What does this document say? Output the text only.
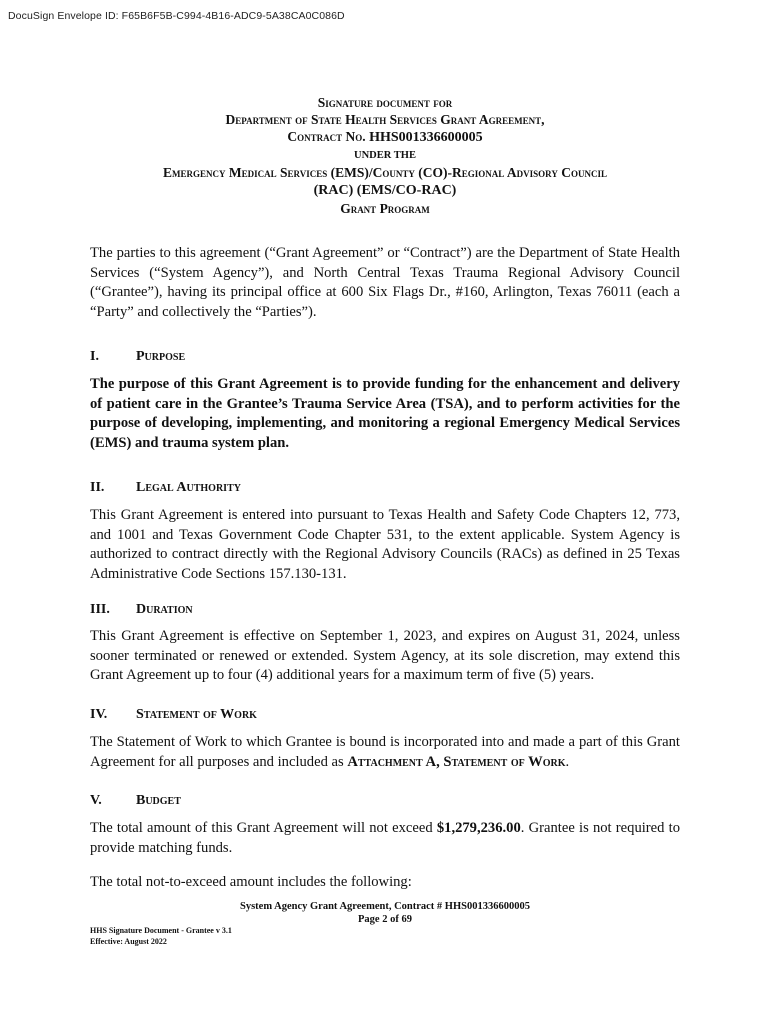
DocuSign Envelope ID: F65B6F5B-C994-4B16-ADC9-5A38CA0C086D
Signature document for
Department of State Health Services Grant Agreement,
Contract No. HHS001336600005
UNDER THE
Emergency Medical Services (EMS)/County (CO)-Regional Advisory Council
(RAC) (EMS/CO-RAC)
Grant Program
The parties to this agreement (“Grant Agreement” or “Contract”) are the Department of State Health Services (“System Agency”), and North Central Texas Trauma Regional Advisory Council (“Grantee”), having its principal office at 600 Six Flags Dr., #160, Arlington, Texas 76011 (each a “Party” and collectively the “Parties”).
I.	Purpose
The purpose of this Grant Agreement is to provide funding for the enhancement and delivery of patient care in the Grantee’s Trauma Service Area (TSA), and to perform activities for the purpose of developing, implementing, and monitoring a regional Emergency Medical Services (EMS) and trauma system plan.
II. Legal Authority
This Grant Agreement is entered into pursuant to Texas Health and Safety Code Chapters 12, 773, and 1001 and Texas Government Code Chapter 531, to the extent applicable. System Agency is authorized to contract directly with the Regional Advisory Councils (RACs) as defined in 25 Texas Administrative Code Sections 157.130-131.
III. Duration
This Grant Agreement is effective on September 1, 2023, and expires on August 31, 2024, unless sooner terminated or renewed or extended. System Agency, at its sole discretion, may extend this Grant Agreement up to four (4) additional years for a maximum term of five (5) years.
IV. Statement of Work
The Statement of Work to which Grantee is bound is incorporated into and made a part of this Grant Agreement for all purposes and included as Attachment A, Statement of Work.
V. Budget
The total amount of this Grant Agreement will not exceed $1,279,236.00. Grantee is not required to provide matching funds.
The total not-to-exceed amount includes the following:
System Agency Grant Agreement, Contract # HHS001336600005
Page 2 of 69
HHS Signature Document - Grantee v 3.1
Effective: August 2022
